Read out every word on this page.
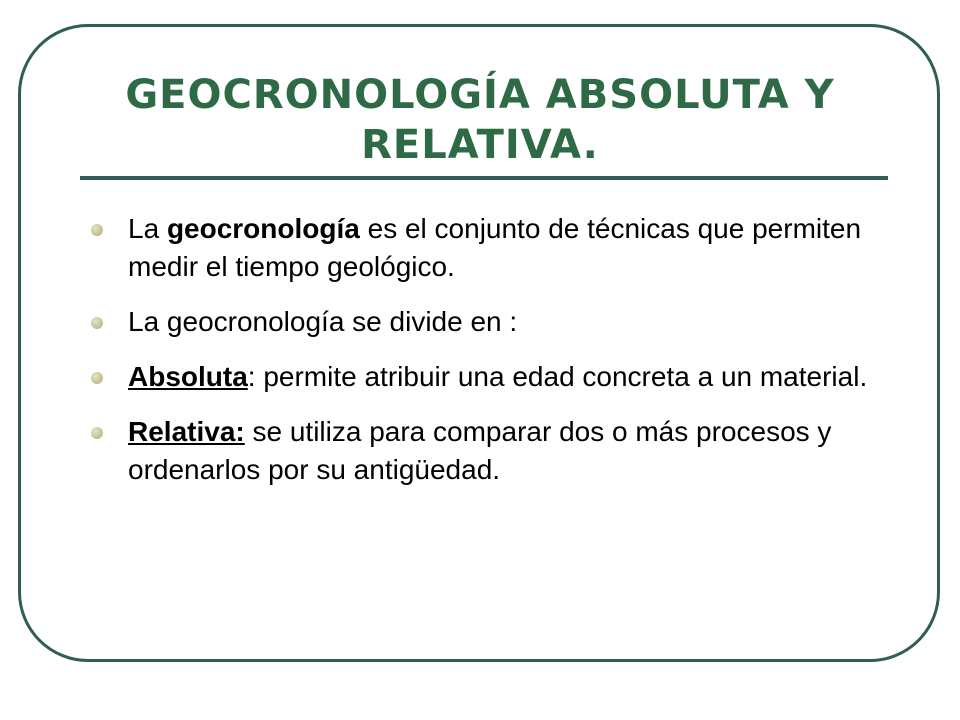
GEOCRONOLOGÍA ABSOLUTA Y RELATIVA.
La geocronología es el conjunto de técnicas que permiten medir el tiempo geológico.
La geocronología se divide en :
Absoluta: permite atribuir una edad concreta a un material.
Relativa: se utiliza para comparar dos o más procesos y ordenarlos por su antigüedad.
